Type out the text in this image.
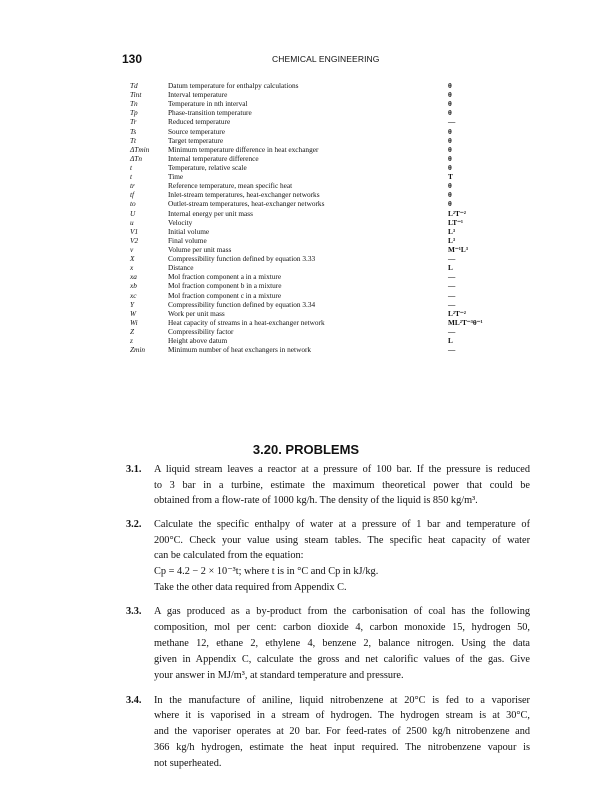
130	CHEMICAL ENGINEERING
Td	Datum temperature for enthalpy calculations	θ
Tint	Interval temperature	θ
Tn	Temperature in nth interval	θ
Tp	Phase-transition temperature	θ
Tr	Reduced temperature	—
Ts	Source temperature	θ
Tt	Target temperature	θ
ΔTmin	Minimum temperature difference in heat exchanger	θ
ΔTn	Internal temperature difference	θ
t	Temperature, relative scale	θ
t	Time	T
tr	Reference temperature, mean specific heat	θ
tf	Inlet-stream temperatures, heat-exchanger networks	θ
to	Outlet-stream temperatures, heat-exchanger networks	θ
U	Internal energy per unit mass	L²T⁻²
u	Velocity	LT⁻¹
V1	Initial volume	L³
V2	Final volume	L³
v	Volume per unit mass	M⁻¹L³
X	Compressibility function defined by equation 3.33	—
x	Distance	L
xa	Mol fraction component a in a mixture	—
xb	Mol fraction component b in a mixture	—
xc	Mol fraction component c in a mixture	—
Y	Compressibility function defined by equation 3.34	—
W	Work per unit mass	L²T⁻²
Wi	Heat capacity of streams in a heat-exchanger network	ML²T⁻³θ⁻¹
Z	Compressibility factor	—
z	Height above datum	L
Zmin	Minimum number of heat exchangers in network	—
3.20. PROBLEMS
3.1. A liquid stream leaves a reactor at a pressure of 100 bar. If the pressure is reduced
to 3 bar in a turbine, estimate the maximum theoretical power that could be
obtained from a flow-rate of 1000 kg/h. The density of the liquid is 850 kg/m³.
3.2. Calculate the specific enthalpy of water at a pressure of 1 bar and temperature of
200°C. Check your value using steam tables. The specific heat capacity of water
can be calculated from the equation:
Cp = 4.2 − 2 × 10⁻³t; where t is in °C and Cp in kJ/kg.
Take the other data required from Appendix C.
3.3. A gas produced as a by-product from the carbonisation of coal has the following
composition, mol per cent: carbon dioxide 4, carbon monoxide 15, hydrogen 50,
methane 12, ethane 2, ethylene 4, benzene 2, balance nitrogen. Using the data
given in Appendix C, calculate the gross and net calorific values of the gas. Give
your answer in MJ/m³, at standard temperature and pressure.
3.4. In the manufacture of aniline, liquid nitrobenzene at 20°C is fed to a vaporiser
where it is vaporised in a stream of hydrogen. The hydrogen stream is at 30°C,
and the vaporiser operates at 20 bar. For feed-rates of 2500 kg/h nitrobenzene and
366 kg/h hydrogen, estimate the heat input required. The nitrobenzene vapour is
not superheated.
